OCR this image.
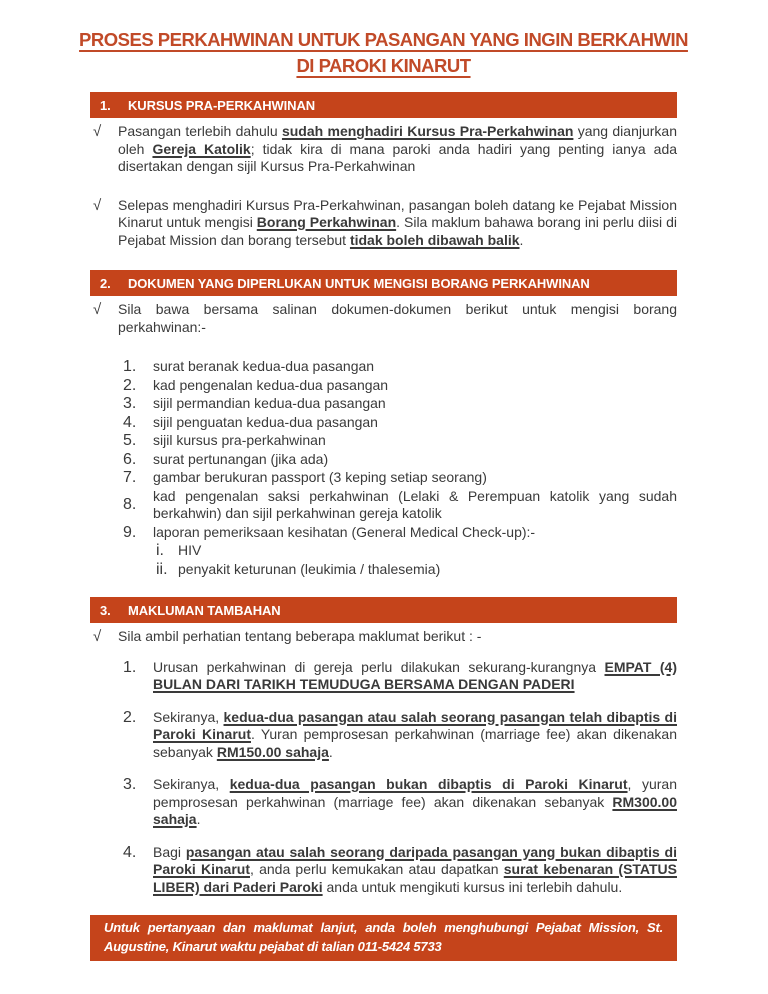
PROSES PERKAHWINAN UNTUK PASANGAN YANG INGIN BERKAHWIN
DI PAROKI KINARUT
1.	KURSUS PRA-PERKAHWINAN
√	Pasangan terlebih dahulu sudah menghadiri Kursus Pra-Perkahwinan yang dianjurkan oleh Gereja Katolik; tidak kira di mana paroki anda hadiri yang penting ianya ada disertakan dengan sijil Kursus Pra-Perkahwinan

√	Selepas menghadiri Kursus Pra-Perkahwinan, pasangan boleh datang ke Pejabat Mission Kinarut untuk mengisi Borang Perkahwinan. Sila maklum bahawa borang ini perlu diisi di Pejabat Mission dan borang tersebut tidak boleh dibawah balik.

2.	DOKUMEN YANG DIPERLUKAN UNTUK MENGISI BORANG PERKAHWINAN
√	Sila bawa bersama salinan dokumen-dokumen berikut untuk mengisi borang perkahwinan:-

1.	surat beranak kedua-dua pasangan

2.	kad pengenalan kedua-dua pasangan

3.	sijil permandian kedua-dua pasangan

4.	sijil penguatan kedua-dua pasangan

5.	sijil kursus pra-perkahwinan

6.	surat pertunangan (jika ada)

7.	gambar berukuran passport (3 keping setiap seorang)

8.

kad pengenalan saksi perkahwinan (Lelaki & Perempuan katolik yang sudah berkahwin) dan sijil perkahwinan gereja katolik

9.	laporan pemeriksaan kesihatan (General Medical Check-up):-

i.	HIV

ii. penyakit keturunan (leukimia / thalesemia)

3.	MAKLUMAN TAMBAHAN
√	Sila ambil perhatian tentang beberapa maklumat berikut : -

1.	Urusan perkahwinan di gereja perlu dilakukan sekurang-kurangnya EMPAT (4) BULAN DARI TARIKH TEMUDUGA BERSAMA DENGAN PADERI

2.	Sekiranya, kedua-dua pasangan atau salah seorang pasangan telah dibaptis di Paroki Kinarut. Yuran pemprosesan perkahwinan (marriage fee) akan dikenakan sebanyak RM150.00 sahaja.

3.	Sekiranya, kedua-dua pasangan bukan dibaptis di Paroki Kinarut, yuran pemprosesan perkahwinan (marriage fee) akan dikenakan sebanyak RM300.00 sahaja.

4.	Bagi pasangan atau salah seorang daripada pasangan yang bukan dibaptis di Paroki Kinarut, anda perlu kemukakan atau dapatkan surat kebenaran (STATUS LIBER) dari Paderi Paroki anda untuk mengikuti kursus ini terlebih dahulu.

Untuk pertanyaan dan maklumat lanjut, anda boleh menghubungi Pejabat Mission, St. Augustine, Kinarut waktu pejabat di talian 011-5424 5733
